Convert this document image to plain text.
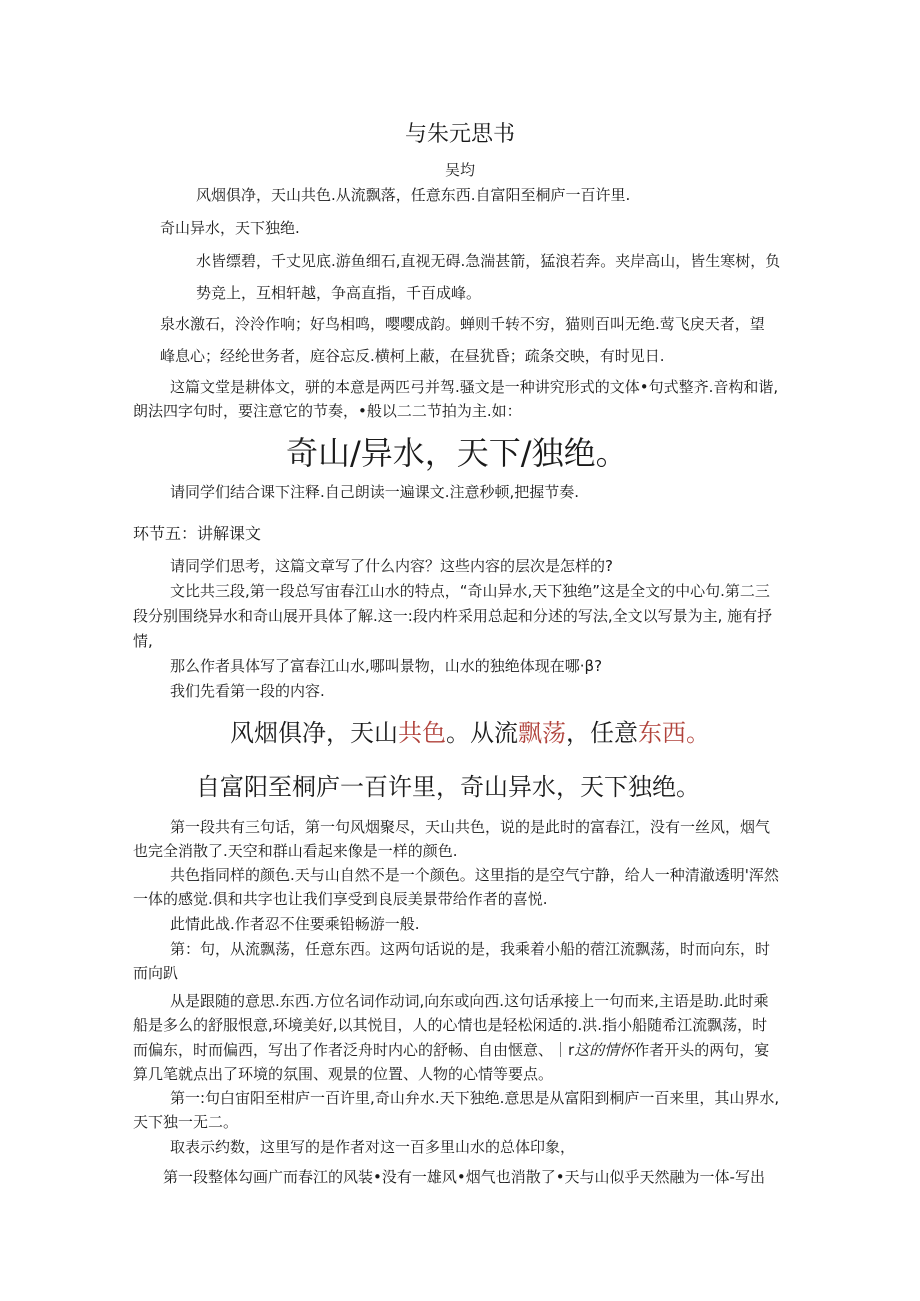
与朱元思书
吴均
风烟俱净，天山共色.从流飘落，任意东西.自富阳至桐庐一百许里.
奇山异水，天下独绝.
水皆缥碧，千丈见底.游鱼细石,直视无碍.急湍甚箭，猛浪若奔。夹岸高山，皆生寒树，负
势竞上，互相轩越，争高直指，千百成峰。
泉水激石，泠泠作响；好鸟相鸣，嘤嘤成韵。蝉则千转不穷，猫则百叫无绝.莺飞戾天者，望
峰息心；经纶世务者，庭谷忘反.横柯上蔽，在昼犹昏；疏条交映，有时见日.
这篇文堂是耕体文，骈的本意是两匹弓并驾.骚文是一种讲究形式的文体•句式整齐.音构和谐,
朗法四字句时，要注意它的节奏，•般以二二节拍为主.如：
奇山/异水，天下/独绝。
请同学们结合课下注释.自己朗读一遍课文.注意秒顿,把握节奏.
环节五：讲解课文
请同学们思考，这篇文章写了什么内容？这些内容的层次是怎样的?
文比共三段,第一段总写宙春江山水的特点，“奇山异水,天下独绝”这是全文的中心句.第二三
段分别围绕异水和奇山展开具体了解.这一:段内杵采用总起和分述的写法,全文以写景为主, 施有抒
情,
那么作者具体写了富春江山水,哪叫景物，山水的独绝体现在哪·β?
我们先看第一段的内容.
风烟俱净，天山共色。从流飘荡，任意东西。
自富阳至桐庐一百许里，奇山异水，天下独绝。
第一段共有三句话，第一句风烟聚尽，天山共色，说的是此时的富春江，没有一丝风，烟气
也完全消散了.天空和群山看起来像是一样的颜色.
共色指同样的颜色.天与山自然不是一个颜色。这里指的是空气宁静，给人一种清澈透明'浑然
一体的感觉.俱和共字也让我们享受到良辰美景带给作者的喜悦.
此情此战.作者忍不住要乘铅畅游一般.
第：句，从流飘荡，任意东西。这两句话说的是，我乘着小船的蓿江流飘荡，时而向东，时
而向趴
从是跟随的意思.东西.方位名词作动词,向东或向西.这句话承接上一句而来,主语是助.此时乘
船是多么的舒服恨意,环境美好,以其悦目，人的心情也是轻松闲适的.洪.指小船随希江流飘荡，时
而偏东，时而偏西，写出了作者泛舟时内心的舒畅、自由惬意、｜r这的情怀作者开头的两句，宴
算几笔就点出了环境的氛围、观景的位置、人物的心情等要点。
第一:句白宙阳至柑庐一百许里,奇山弁水.天下独绝.意思是从富阳到桐庐一百来里，其山界水,
天下独一无二。
取表示约数，这里写的是作者对这一百多里山水的总体印象，
第一段整体勾画广而春江的风装•没有一雄风•烟气也消散了•天与山似乎天然融为一体-写出
